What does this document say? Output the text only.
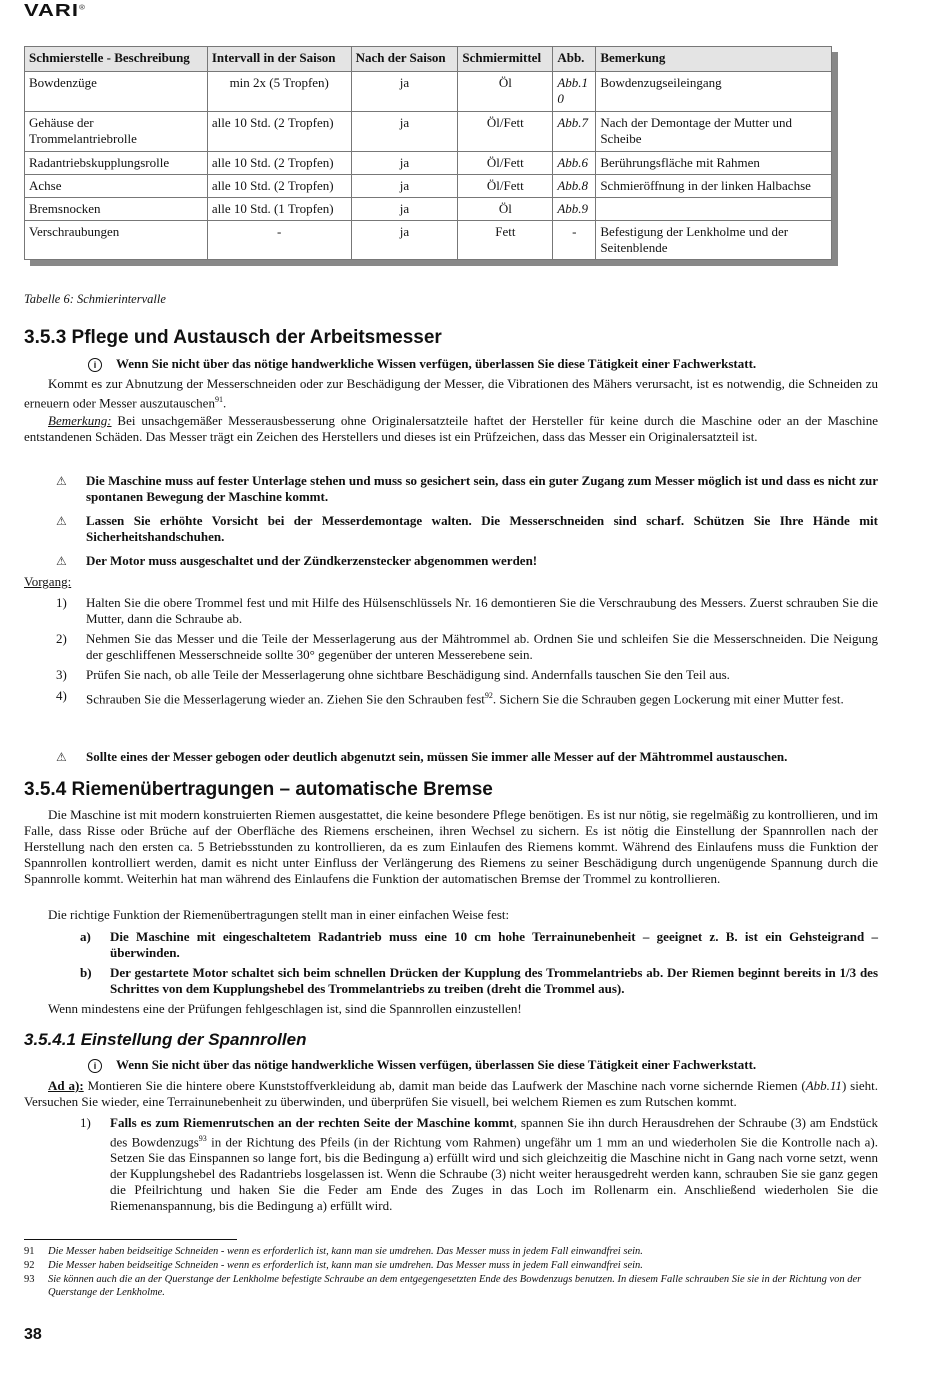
VARI®
Schmierstelle - Beschreibung	Intervall in der Saison	Nach der Saison	Schmiermittel	Abb.	Bemerkung
Bowdenzüge	min 2x (5 Tropfen)	ja	Öl	Abb.10	Bowdenzugseileingang
Gehäuse der Trommelantriebrolle	alle 10 Std. (2 Tropfen)	ja	Öl/Fett	Abb.7	Nach der Demontage der Mutter und Scheibe
Radantriebskupplungsrolle	alle 10 Std. (2 Tropfen)	ja	Öl/Fett	Abb.6	Berührungsfläche mit Rahmen
Achse	alle 10 Std. (2 Tropfen)	ja	Öl/Fett	Abb.8	Schmieröffnung in der linken Halbachse
Bremsnocken	alle 10 Std. (1 Tropfen)	ja	Öl	Abb.9	
Verschraubungen	-	ja	Fett	-	Befestigung der Lenkholme und der Seitenblende
Tabelle 6: Schmierintervalle
3.5.3 Pflege und Austausch der Arbeitsmesser
i Wenn Sie nicht über das nötige handwerkliche Wissen verfügen, überlassen Sie diese Tätigkeit einer Fachwerkstatt.
Kommt es zur Abnutzung der Messerschneiden oder zur Beschädigung der Messer, die Vibrationen des Mähers verursacht, ist es notwendig, die Schneiden zu erneuern oder Messer auszutauschen$^{91}$.
Bemerkung: Bei unsachgemäßer Messerausbesserung ohne Originalersatzteile haftet der Hersteller für keine durch die Maschine oder an der Maschine entstandenen Schäden. Das Messer trägt ein Zeichen des Herstellers und dieses ist ein Prüfzeichen, dass das Messer ein Originalersatzteil ist.
⚠ Die Maschine muss auf fester Unterlage stehen und muss so gesichert sein, dass ein guter Zugang zum Messer möglich ist und dass es nicht zur spontanen Bewegung der Maschine kommt.
⚠ Lassen Sie erhöhte Vorsicht bei der Messerdemontage walten. Die Messerschneiden sind scharf. Schützen Sie Ihre Hände mit Sicherheitshandschuhen.
⚠ Der Motor muss ausgeschaltet und der Zündkerzenstecker abgenommen werden!
Vorgang:
1) Halten Sie die obere Trommel fest und mit Hilfe des Hülsenschlüssels Nr. 16 demontieren Sie die Verschraubung des Messers. Zuerst schrauben Sie die Mutter, dann die Schraube ab.
2) Nehmen Sie das Messer und die Teile der Messerlagerung aus der Mähtrommel ab. Ordnen Sie und schleifen Sie die Messerschneiden. Die Neigung der geschliffenen Messerschneide sollte 30° gegenüber der unteren Messerebene sein.
3) Prüfen Sie nach, ob alle Teile der Messerlagerung ohne sichtbare Beschädigung sind. Andernfalls tauschen Sie den Teil aus.
4) Schrauben Sie die Messerlagerung wieder an. Ziehen Sie den Schrauben fest$^{92}$. Sichern Sie die Schrauben gegen Lockerung mit einer Mutter fest.
⚠ Sollte eines der Messer gebogen oder deutlich abgenutzt sein, müssen Sie immer alle Messer auf der Mähtrommel austauschen.
3.5.4 Riemenübertragungen – automatische Bremse
Die Maschine ist mit modern konstruierten Riemen ausgestattet, die keine besondere Pflege benötigen. Es ist nur nötig, sie regelmäßig zu kontrollieren, und im Falle, dass Risse oder Brüche auf der Oberfläche des Riemens erscheinen, ihren Wechsel zu sichern. Es ist nötig die Einstellung der Spannrollen nach der Herstellung nach den ersten ca. 5 Betriebsstunden zu kontrollieren, da es zum Einlaufen des Riemens kommt. Während des Einlaufens muss die Funktion der Spannrollen kontrolliert werden, damit es nicht unter Einfluss der Verlängerung des Riemens zu seiner Beschädigung durch ungenügende Spannung durch die Spannrolle kommt. Weiterhin hat man während des Einlaufens die Funktion der automatischen Bremse der Trommel zu kontrollieren.
Die richtige Funktion der Riemenübertragungen stellt man in einer einfachen Weise fest:
a) Die Maschine mit eingeschaltetem Radantrieb muss eine 10 cm hohe Terrainunebenheit – geeignet z. B. ist ein Gehsteigrand – überwinden.
b) Der gestartete Motor schaltet sich beim schnellen Drücken der Kupplung des Trommelantriebs ab. Der Riemen beginnt bereits in 1/3 des Schrittes von dem Kupplungshebel des Trommelantriebs zu treiben (dreht die Trommel aus).
Wenn mindestens eine der Prüfungen fehlgeschlagen ist, sind die Spannrollen einzustellen!
3.5.4.1 Einstellung der Spannrollen
i Wenn Sie nicht über das nötige handwerkliche Wissen verfügen, überlassen Sie diese Tätigkeit einer Fachwerkstatt.
Ad a): Montieren Sie die hintere obere Kunststoffverkleidung ab, damit man beide das Laufwerk der Maschine nach vorne sichernde Riemen (Abb.11) sieht. Versuchen Sie wieder, eine Terrainunebenheit zu überwinden, und überprüfen Sie visuell, bei welchem Riemen es zum Rutschen kommt.
1) Falls es zum Riemenrutschen an der rechten Seite der Maschine kommt, spannen Sie ihn durch Herausdrehen der Schraube (3) am Endstück des Bowdenzugs$^{93}$ in der Richtung des Pfeils (in der Richtung vom Rahmen) ungefähr um 1 mm an und wiederholen Sie die Kontrolle nach a). Setzen Sie das Einspannen so lange fort, bis die Bedingung a) erfüllt wird und sich gleichzeitig die Maschine nicht in Gang nach vorne setzt, wenn der Kupplungshebel des Radantriebs losgelassen ist. Wenn die Schraube (3) nicht weiter herausgedreht werden kann, schrauben Sie sie ganz gegen die Pfeilrichtung und haken Sie die Feder am Ende des Zuges in das Loch im Rollenarm ein. Anschließend wiederholen Sie die Riemenanspannung, bis die Bedingung a) erfüllt wird.
91 Die Messer haben beidseitige Schneiden - wenn es erforderlich ist, kann man sie umdrehen. Das Messer muss in jedem Fall einwandfrei sein.
92 Die Messer haben beidseitige Schneiden - wenn es erforderlich ist, kann man sie umdrehen. Das Messer muss in jedem Fall einwandfrei sein.
93 Sie können auch die an der Querstange der Lenkholme befestigte Schraube an dem entgegengesetzten Ende des Bowdenzugs benutzen. In diesem Falle schrauben Sie sie in der Richtung von der Querstange der Lenkholme.
38
